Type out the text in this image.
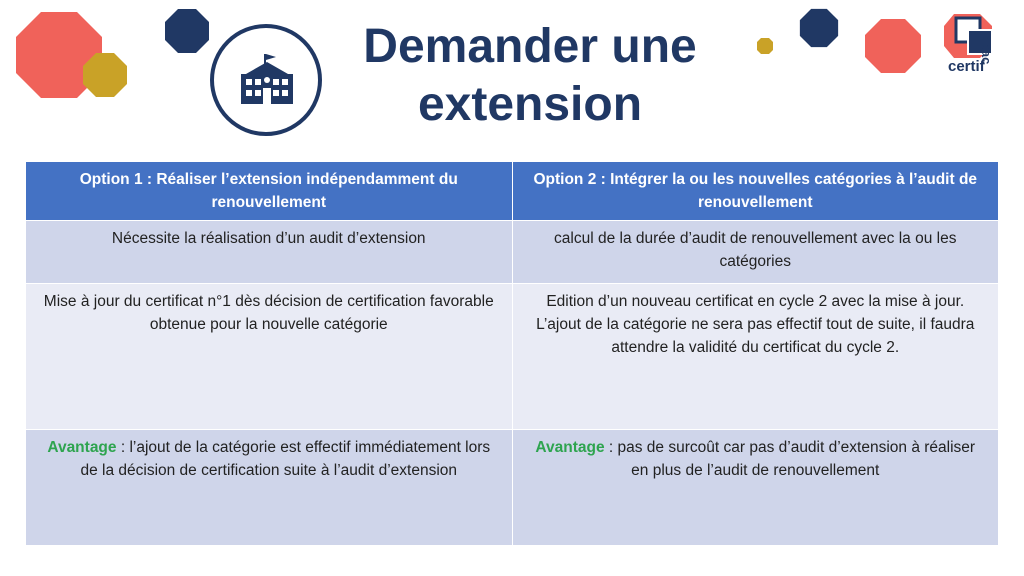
Demander une
extension
certif
opac
Option 1 : Réaliser l’extension indépendamment du renouvellement	Option 2 : Intégrer la ou les nouvelles catégories à l’audit de renouvellement
Nécessite la réalisation d’un audit d’extension	calcul de la durée d’audit de renouvellement avec la ou les catégories
Mise à jour du certificat n°1 dès décision de certification favorable obtenue pour la nouvelle catégorie	Edition d’un nouveau certificat en cycle 2 avec la mise à jour. L’ajout de la catégorie ne sera pas effectif tout de suite, il faudra attendre la validité du certificat du cycle 2.
Avantage : l’ajout de la catégorie est effectif immédiatement lors de la décision de certification suite à l’audit d’extension	Avantage : pas de surcoût car pas d’audit d’extension à réaliser en plus de l’audit de renouvellement
